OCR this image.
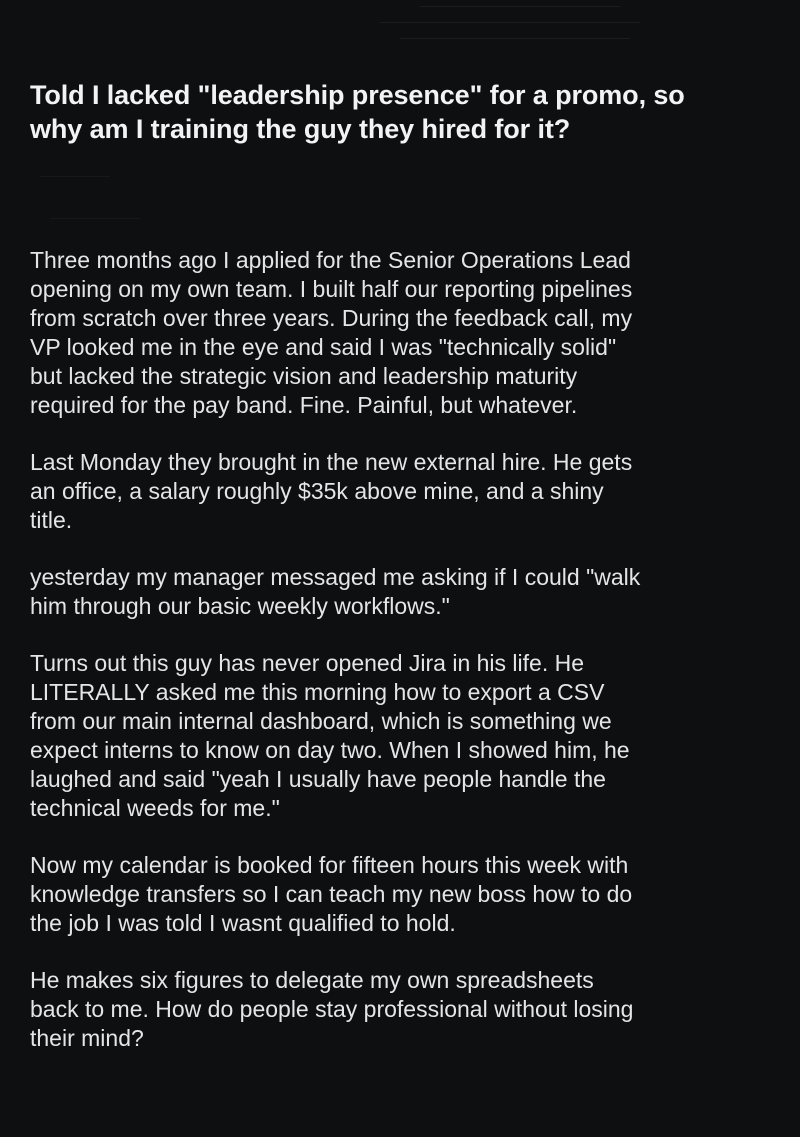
Told I lacked "leadership presence" for a promo, so
why am I training the guy they hired for it?

Three months ago I applied for the Senior Operations Lead
opening on my own team. I built half our reporting pipelines
from scratch over three years. During the feedback call, my
VP looked me in the eye and said I was "technically solid"
but lacked the strategic vision and leadership maturity
required for the pay band. Fine. Painful, but whatever.

Last Monday they brought in the new external hire. He gets
an office, a salary roughly $35k above mine, and a shiny
title.

yesterday my manager messaged me asking if I could "walk
him through our basic weekly workflows."

Turns out this guy has never opened Jira in his life. He
LITERALLY asked me this morning how to export a CSV
from our main internal dashboard, which is something we
expect interns to know on day two. When I showed him, he
laughed and said "yeah I usually have people handle the
technical weeds for me."

Now my calendar is booked for fifteen hours this week with
knowledge transfers so I can teach my new boss how to do
the job I was told I wasnt qualified to hold.

He makes six figures to delegate my own spreadsheets
back to me. How do people stay professional without losing
their mind?
